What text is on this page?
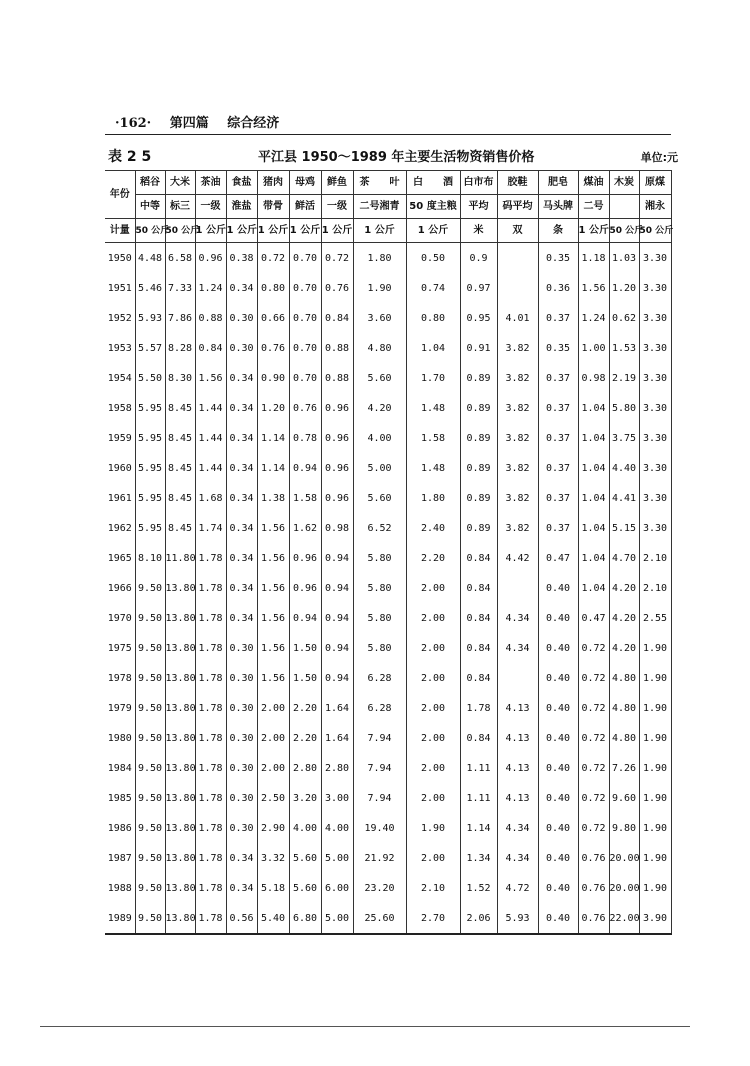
·162· 第四篇 综合经济
表 2 5	平江县 1950～1989 年主要生活物资销售价格	单位:元
年份	稻谷	大米	茶油	食盐	猪肉	母鸡	鲜鱼	茶　　叶	白　　酒	白市布	胶鞋	肥皂	煤油	木炭	原煤
	中等	标三	一级	淮盐	带骨	鲜活	一级	二号湘青	50 度主粮	平均	码平均	马头牌	二号		湘永
计量	50 公斤	50 公斤	1 公斤	1 公斤	1 公斤	1 公斤	1 公斤	1 公斤	1 公斤	米	双	条	1 公斤	50 公斤	50 公斤
1950	4.48	6.58	0.96	0.38	0.72	0.70	0.72	1.80	0.50	0.9		0.35	1.18	1.03	3.30
1951	5.46	7.33	1.24	0.34	0.80	0.70	0.76	1.90	0.74	0.97		0.36	1.56	1.20	3.30
1952	5.93	7.86	0.88	0.30	0.66	0.70	0.84	3.60	0.80	0.95	4.01	0.37	1.24	0.62	3.30
1953	5.57	8.28	0.84	0.30	0.76	0.70	0.88	4.80	1.04	0.91	3.82	0.35	1.00	1.53	3.30
1954	5.50	8.30	1.56	0.34	0.90	0.70	0.88	5.60	1.70	0.89	3.82	0.37	0.98	2.19	3.30
1958	5.95	8.45	1.44	0.34	1.20	0.76	0.96	4.20	1.48	0.89	3.82	0.37	1.04	5.80	3.30
1959	5.95	8.45	1.44	0.34	1.14	0.78	0.96	4.00	1.58	0.89	3.82	0.37	1.04	3.75	3.30
1960	5.95	8.45	1.44	0.34	1.14	0.94	0.96	5.00	1.48	0.89	3.82	0.37	1.04	4.40	3.30
1961	5.95	8.45	1.68	0.34	1.38	1.58	0.96	5.60	1.80	0.89	3.82	0.37	1.04	4.41	3.30
1962	5.95	8.45	1.74	0.34	1.56	1.62	0.98	6.52	2.40	0.89	3.82	0.37	1.04	5.15	3.30
1965	8.10	11.80	1.78	0.34	1.56	0.96	0.94	5.80	2.20	0.84	4.42	0.47	1.04	4.70	2.10
1966	9.50	13.80	1.78	0.34	1.56	0.96	0.94	5.80	2.00	0.84		0.40	1.04	4.20	2.10
1970	9.50	13.80	1.78	0.34	1.56	0.94	0.94	5.80	2.00	0.84	4.34	0.40	0.47	4.20	2.55
1975	9.50	13.80	1.78	0.30	1.56	1.50	0.94	5.80	2.00	0.84	4.34	0.40	0.72	4.20	1.90
1978	9.50	13.80	1.78	0.30	1.56	1.50	0.94	6.28	2.00	0.84		0.40	0.72	4.80	1.90
1979	9.50	13.80	1.78	0.30	2.00	2.20	1.64	6.28	2.00	1.78	4.13	0.40	0.72	4.80	1.90
1980	9.50	13.80	1.78	0.30	2.00	2.20	1.64	7.94	2.00	0.84	4.13	0.40	0.72	4.80	1.90
1984	9.50	13.80	1.78	0.30	2.00	2.80	2.80	7.94	2.00	1.11	4.13	0.40	0.72	7.26	1.90
1985	9.50	13.80	1.78	0.30	2.50	3.20	3.00	7.94	2.00	1.11	4.13	0.40	0.72	9.60	1.90
1986	9.50	13.80	1.78	0.30	2.90	4.00	4.00	19.40	1.90	1.14	4.34	0.40	0.72	9.80	1.90
1987	9.50	13.80	1.78	0.34	3.32	5.60	5.00	21.92	2.00	1.34	4.34	0.40	0.76	20.00	1.90
1988	9.50	13.80	1.78	0.34	5.18	5.60	6.00	23.20	2.10	1.52	4.72	0.40	0.76	20.00	1.90
1989	9.50	13.80	1.78	0.56	5.40	6.80	5.00	25.60	2.70	2.06	5.93	0.40	0.76	22.00	3.90
